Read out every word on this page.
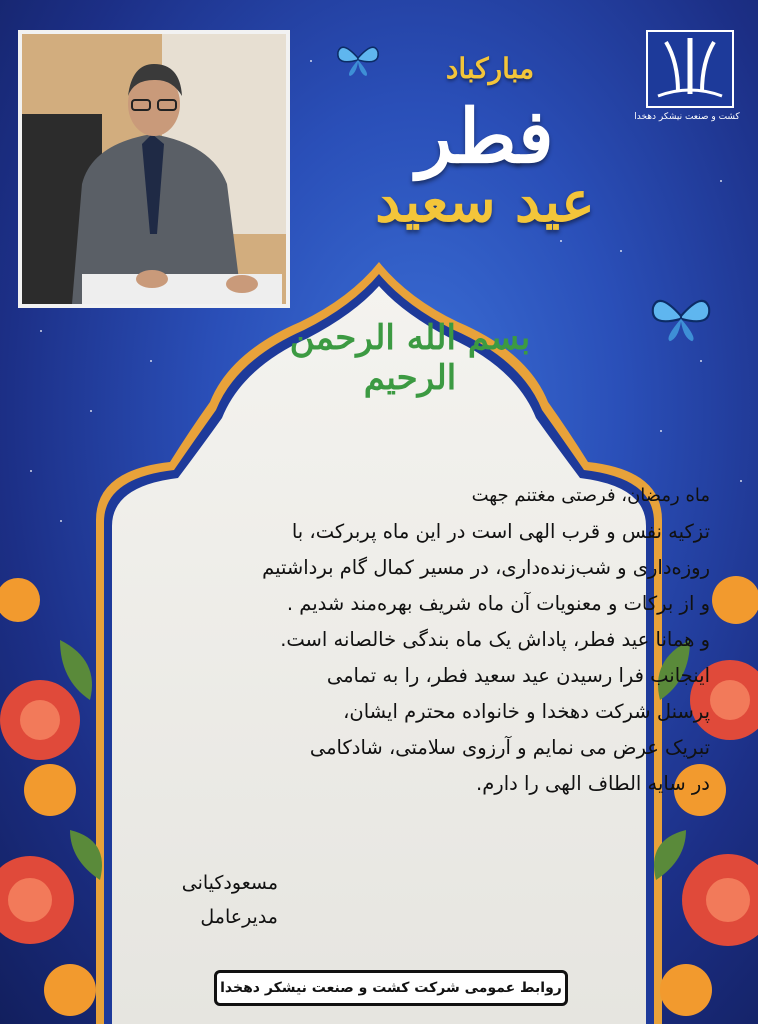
کشت و صنعت نیشکر دهخدا
مبارکباد
فطر
عید سعید
بسم الله الرحمن الرحیم
ماه رمضان، فرصتی مغتنم جهت
تزکیه نفس و قرب الهی است در این ماه پربرکت، با
روزه‌داری و شب‌زنده‌داری، در مسیر کمال گام برداشتیم
و از برکات و معنویات آن ماه شریف بهره‌مند شدیم .
و همانا عید فطر، پاداش یک ماه بندگی خالصانه است.
اینجانب فرا رسیدن عید سعید فطر، را به تمامی
پرسنل شرکت دهخدا و خانواده محترم ایشان،
تبریک عرض می نمایم و آرزوی سلامتی، شادکامی
در سایه الطاف الهی را دارم.
مسعودکیانی
مدیرعامل
روابط عمومی شرکت کشت و صنعت نیشکر دهخدا
